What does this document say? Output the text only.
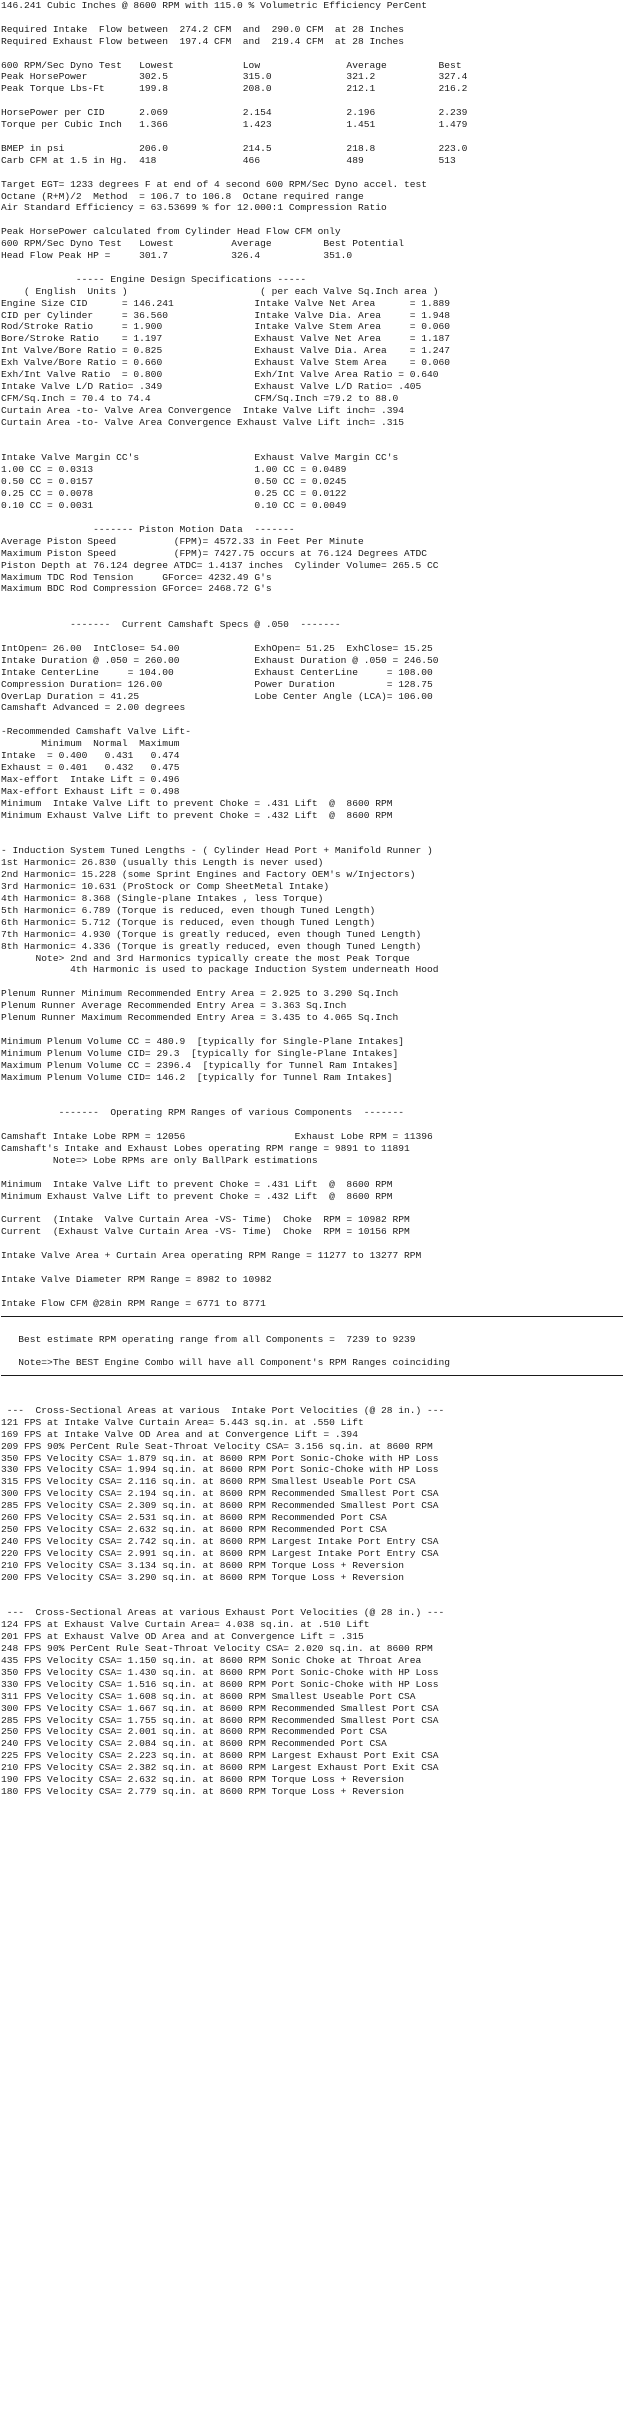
146.241 Cubic Inches @ 8600 RPM with 115.0 % Volumetric Efficiency PerCent
Required Intake  Flow between  274.2 CFM  and  290.0 CFM  at 28 Inches
Required Exhaust Flow between  197.4 CFM  and  219.4 CFM  at 28 Inches
600 RPM/Sec Dyno Test   Lowest            Low               Average         Best
Peak HorsePower         302.5             315.0             321.2           327.4
Peak Torque Lbs-Ft      199.8             208.0             212.1           216.2
HorsePower per CID      2.069             2.154             2.196           2.239
Torque per Cubic Inch   1.366             1.423             1.451           1.479
BMEP in psi             206.0             214.5             218.8           223.0
Carb CFM at 1.5 in Hg.  418               466               489             513
Target EGT= 1233 degrees F at end of 4 second 600 RPM/Sec Dyno accel. test
Octane (R+M)/2  Method  = 106.7 to 106.8  Octane required range
Air Standard Efficiency = 63.53699 % for 12.000:1 Compression Ratio
Peak HorsePower calculated from Cylinder Head Flow CFM only
600 RPM/Sec Dyno Test   Lowest          Average         Best Potential
Head Flow Peak HP =     301.7           326.4           351.0
----- Engine Design Specifications -----
( English  Units )                       ( per each Valve Sq.Inch area )
Engine Size CID      = 146.241              Intake Valve Net Area      = 1.889
CID per Cylinder     = 36.560               Intake Valve Dia. Area     = 1.948
Rod/Stroke Ratio     = 1.900                Intake Valve Stem Area     = 0.060
Bore/Stroke Ratio    = 1.197                Exhaust Valve Net Area     = 1.187
Int Valve/Bore Ratio = 0.825                Exhaust Valve Dia. Area    = 1.247
Exh Valve/Bore Ratio = 0.660                Exhaust Valve Stem Area    = 0.060
Exh/Int Valve Ratio  = 0.800                Exh/Int Valve Area Ratio = 0.640
Intake Valve L/D Ratio= .349                Exhaust Valve L/D Ratio= .405
CFM/Sq.Inch = 70.4 to 74.4                  CFM/Sq.Inch =79.2 to 88.0
Curtain Area -to- Valve Area Convergence  Intake Valve Lift inch= .394
Curtain Area -to- Valve Area Convergence Exhaust Valve Lift inch= .315
Intake Valve Margin CC's                    Exhaust Valve Margin CC's
1.00 CC = 0.0313                            1.00 CC = 0.0489
0.50 CC = 0.0157                            0.50 CC = 0.0245
0.25 CC = 0.0078                            0.25 CC = 0.0122
0.10 CC = 0.0031                            0.10 CC = 0.0049
------- Piston Motion Data  -------
Average Piston Speed          (FPM)= 4572.33 in Feet Per Minute
Maximum Piston Speed          (FPM)= 7427.75 occurs at 76.124 Degrees ATDC
Piston Depth at 76.124 degree ATDC= 1.4137 inches  Cylinder Volume= 265.5 CC
Maximum TDC Rod Tension     GForce= 4232.49 G's
Maximum BDC Rod Compression GForce= 2468.72 G's
-------  Current Camshaft Specs @ .050  -------
IntOpen= 26.00  IntClose= 54.00             ExhOpen= 51.25  ExhClose= 15.25
Intake Duration @ .050 = 260.00             Exhaust Duration @ .050 = 246.50
Intake CenterLine     = 104.00              Exhaust CenterLine     = 108.00
Compression Duration= 126.00                Power Duration         = 128.75
OverLap Duration = 41.25                    Lobe Center Angle (LCA)= 106.00
Camshaft Advanced = 2.00 degrees
-Recommended Camshaft Valve Lift-
Minimum  Normal  Maximum
Intake  = 0.400   0.431   0.474
Exhaust = 0.401   0.432   0.475
Max-effort  Intake Lift = 0.496
Max-effort Exhaust Lift = 0.498
Minimum  Intake Valve Lift to prevent Choke = .431 Lift  @  8600 RPM
Minimum Exhaust Valve Lift to prevent Choke = .432 Lift  @  8600 RPM
- Induction System Tuned Lengths - ( Cylinder Head Port + Manifold Runner )
1st Harmonic= 26.830 (usually this Length is never used)
2nd Harmonic= 15.228 (some Sprint Engines and Factory OEM's w/Injectors)
3rd Harmonic= 10.631 (ProStock or Comp SheetMetal Intake)
4th Harmonic= 8.368 (Single-plane Intakes , less Torque)
5th Harmonic= 6.789 (Torque is reduced, even though Tuned Length)
6th Harmonic= 5.712 (Torque is reduced, even though Tuned Length)
7th Harmonic= 4.930 (Torque is greatly reduced, even though Tuned Length)
8th Harmonic= 4.336 (Torque is greatly reduced, even though Tuned Length)
Note> 2nd and 3rd Harmonics typically create the most Peak Torque
4th Harmonic is used to package Induction System underneath Hood
Plenum Runner Minimum Recommended Entry Area = 2.925 to 3.290 Sq.Inch
Plenum Runner Average Recommended Entry Area = 3.363 Sq.Inch
Plenum Runner Maximum Recommended Entry Area = 3.435 to 4.065 Sq.Inch
Minimum Plenum Volume CC = 480.9  [typically for Single-Plane Intakes]
Minimum Plenum Volume CID= 29.3  [typically for Single-Plane Intakes]
Maximum Plenum Volume CC = 2396.4  [typically for Tunnel Ram Intakes]
Maximum Plenum Volume CID= 146.2  [typically for Tunnel Ram Intakes]
-------  Operating RPM Ranges of various Components  -------
Camshaft Intake Lobe RPM = 12056                   Exhaust Lobe RPM = 11396
Camshaft's Intake and Exhaust Lobes operating RPM range = 9891 to 11891
Note=> Lobe RPMs are only BallPark estimations
Minimum  Intake Valve Lift to prevent Choke = .431 Lift  @  8600 RPM
Minimum Exhaust Valve Lift to prevent Choke = .432 Lift  @  8600 RPM
Current  (Intake  Valve Curtain Area -VS- Time)  Choke  RPM = 10982 RPM
Current  (Exhaust Valve Curtain Area -VS- Time)  Choke  RPM = 10156 RPM
Intake Valve Area + Curtain Area operating RPM Range = 11277 to 13277 RPM
Intake Valve Diameter RPM Range = 8982 to 10982
Intake Flow CFM @28in RPM Range = 6771 to 8771
Best estimate RPM operating range from all Components =  7239 to 9239
Note=>The BEST Engine Combo will have all Component's RPM Ranges coinciding
---  Cross-Sectional Areas at various  Intake Port Velocities (@ 28 in.) ---
121 FPS at Intake Valve Curtain Area= 5.443 sq.in. at .550 Lift
169 FPS at Intake Valve OD Area and at Convergence Lift = .394
209 FPS 90% PerCent Rule Seat-Throat Velocity CSA= 3.156 sq.in. at 8600 RPM
350 FPS Velocity CSA= 1.879 sq.in. at 8600 RPM Port Sonic-Choke with HP Loss
330 FPS Velocity CSA= 1.994 sq.in. at 8600 RPM Port Sonic-Choke with HP Loss
315 FPS Velocity CSA= 2.116 sq.in. at 8600 RPM Smallest Useable Port CSA
300 FPS Velocity CSA= 2.194 sq.in. at 8600 RPM Recommended Smallest Port CSA
285 FPS Velocity CSA= 2.309 sq.in. at 8600 RPM Recommended Smallest Port CSA
260 FPS Velocity CSA= 2.531 sq.in. at 8600 RPM Recommended Port CSA
250 FPS Velocity CSA= 2.632 sq.in. at 8600 RPM Recommended Port CSA
240 FPS Velocity CSA= 2.742 sq.in. at 8600 RPM Largest Intake Port Entry CSA
220 FPS Velocity CSA= 2.991 sq.in. at 8600 RPM Largest Intake Port Entry CSA
210 FPS Velocity CSA= 3.134 sq.in. at 8600 RPM Torque Loss + Reversion
200 FPS Velocity CSA= 3.290 sq.in. at 8600 RPM Torque Loss + Reversion
---  Cross-Sectional Areas at various Exhaust Port Velocities (@ 28 in.) ---
124 FPS at Exhaust Valve Curtain Area= 4.038 sq.in. at .510 Lift
201 FPS at Exhaust Valve OD Area and at Convergence Lift = .315
248 FPS 90% PerCent Rule Seat-Throat Velocity CSA= 2.020 sq.in. at 8600 RPM
435 FPS Velocity CSA= 1.150 sq.in. at 8600 RPM Sonic Choke at Throat Area
350 FPS Velocity CSA= 1.430 sq.in. at 8600 RPM Port Sonic-Choke with HP Loss
330 FPS Velocity CSA= 1.516 sq.in. at 8600 RPM Port Sonic-Choke with HP Loss
311 FPS Velocity CSA= 1.608 sq.in. at 8600 RPM Smallest Useable Port CSA
300 FPS Velocity CSA= 1.667 sq.in. at 8600 RPM Recommended Smallest Port CSA
285 FPS Velocity CSA= 1.755 sq.in. at 8600 RPM Recommended Smallest Port CSA
250 FPS Velocity CSA= 2.001 sq.in. at 8600 RPM Recommended Port CSA
240 FPS Velocity CSA= 2.084 sq.in. at 8600 RPM Recommended Port CSA
225 FPS Velocity CSA= 2.223 sq.in. at 8600 RPM Largest Exhaust Port Exit CSA
210 FPS Velocity CSA= 2.382 sq.in. at 8600 RPM Largest Exhaust Port Exit CSA
190 FPS Velocity CSA= 2.632 sq.in. at 8600 RPM Torque Loss + Reversion
180 FPS Velocity CSA= 2.779 sq.in. at 8600 RPM Torque Loss + Reversion
